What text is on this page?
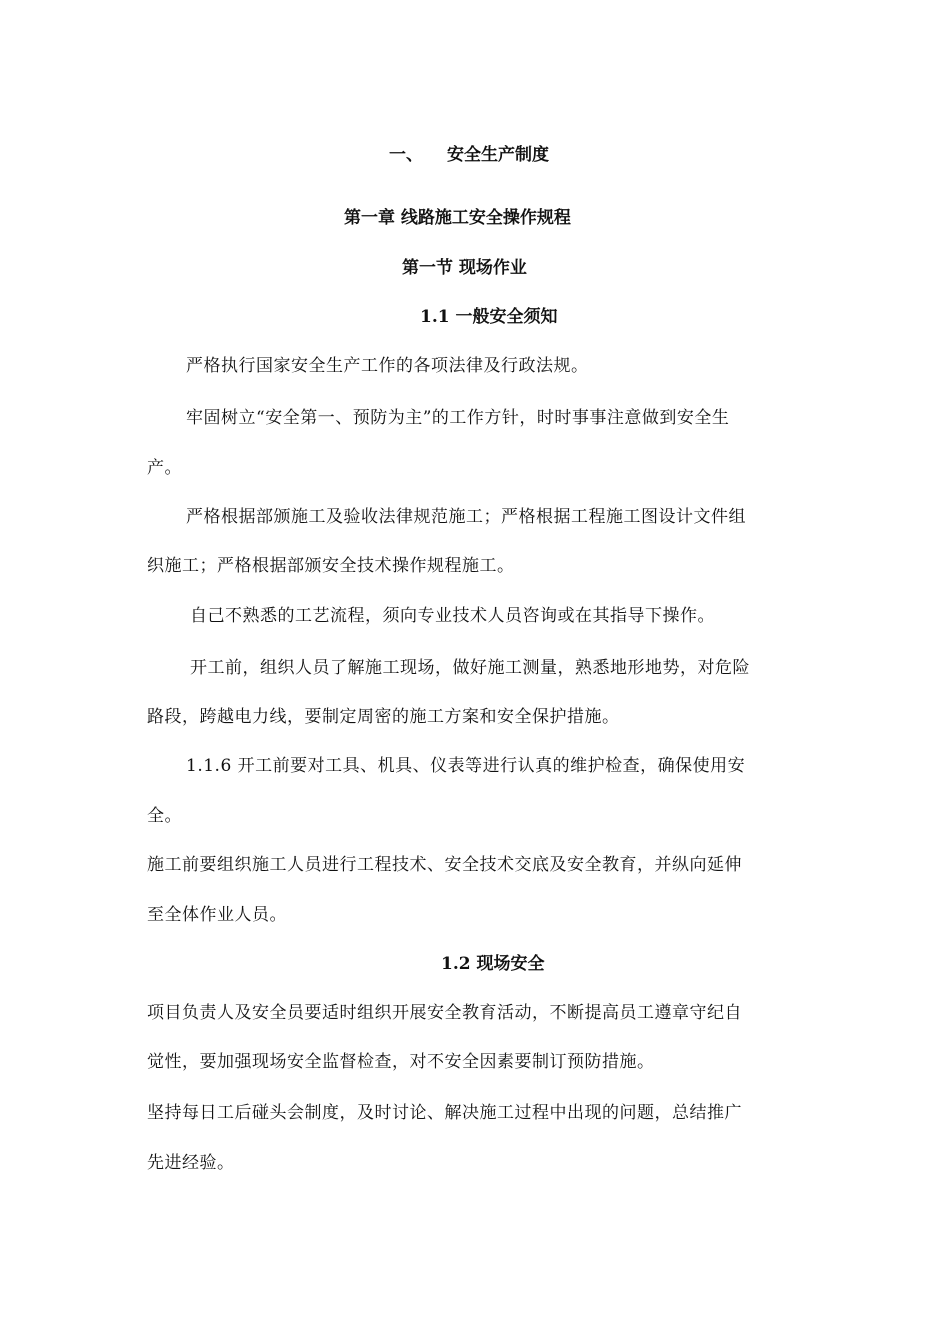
一、 安全生产制度

第一章 线路施工安全操作规程

第一节 现场作业

1.1 一般安全须知

严格执行国家安全生产工作的各项法律及行政法规。

牢固树立“安全第一、预防为主”的工作方针，时时事事注意做到安全生

产。

严格根据部颁施工及验收法律规范施工；严格根据工程施工图设计文件组

织施工；严格根据部颁安全技术操作规程施工。

自己不熟悉的工艺流程，须向专业技术人员咨询或在其指导下操作。

开工前，组织人员了解施工现场，做好施工测量，熟悉地形地势，对危险

路段，跨越电力线，要制定周密的施工方案和安全保护措施。

1.1.6 开工前要对工具、机具、仪表等进行认真的维护检查，确保使用安

全。

施工前要组织施工人员进行工程技术、安全技术交底及安全教育，并纵向延伸

至全体作业人员。

1.2 现场安全

项目负责人及安全员要适时组织开展安全教育活动，不断提高员工遵章守纪自

觉性，要加强现场安全监督检查，对不安全因素要制订预防措施。

坚持每日工后碰头会制度，及时讨论、解决施工过程中出现的问题，总结推广

先进经验。
